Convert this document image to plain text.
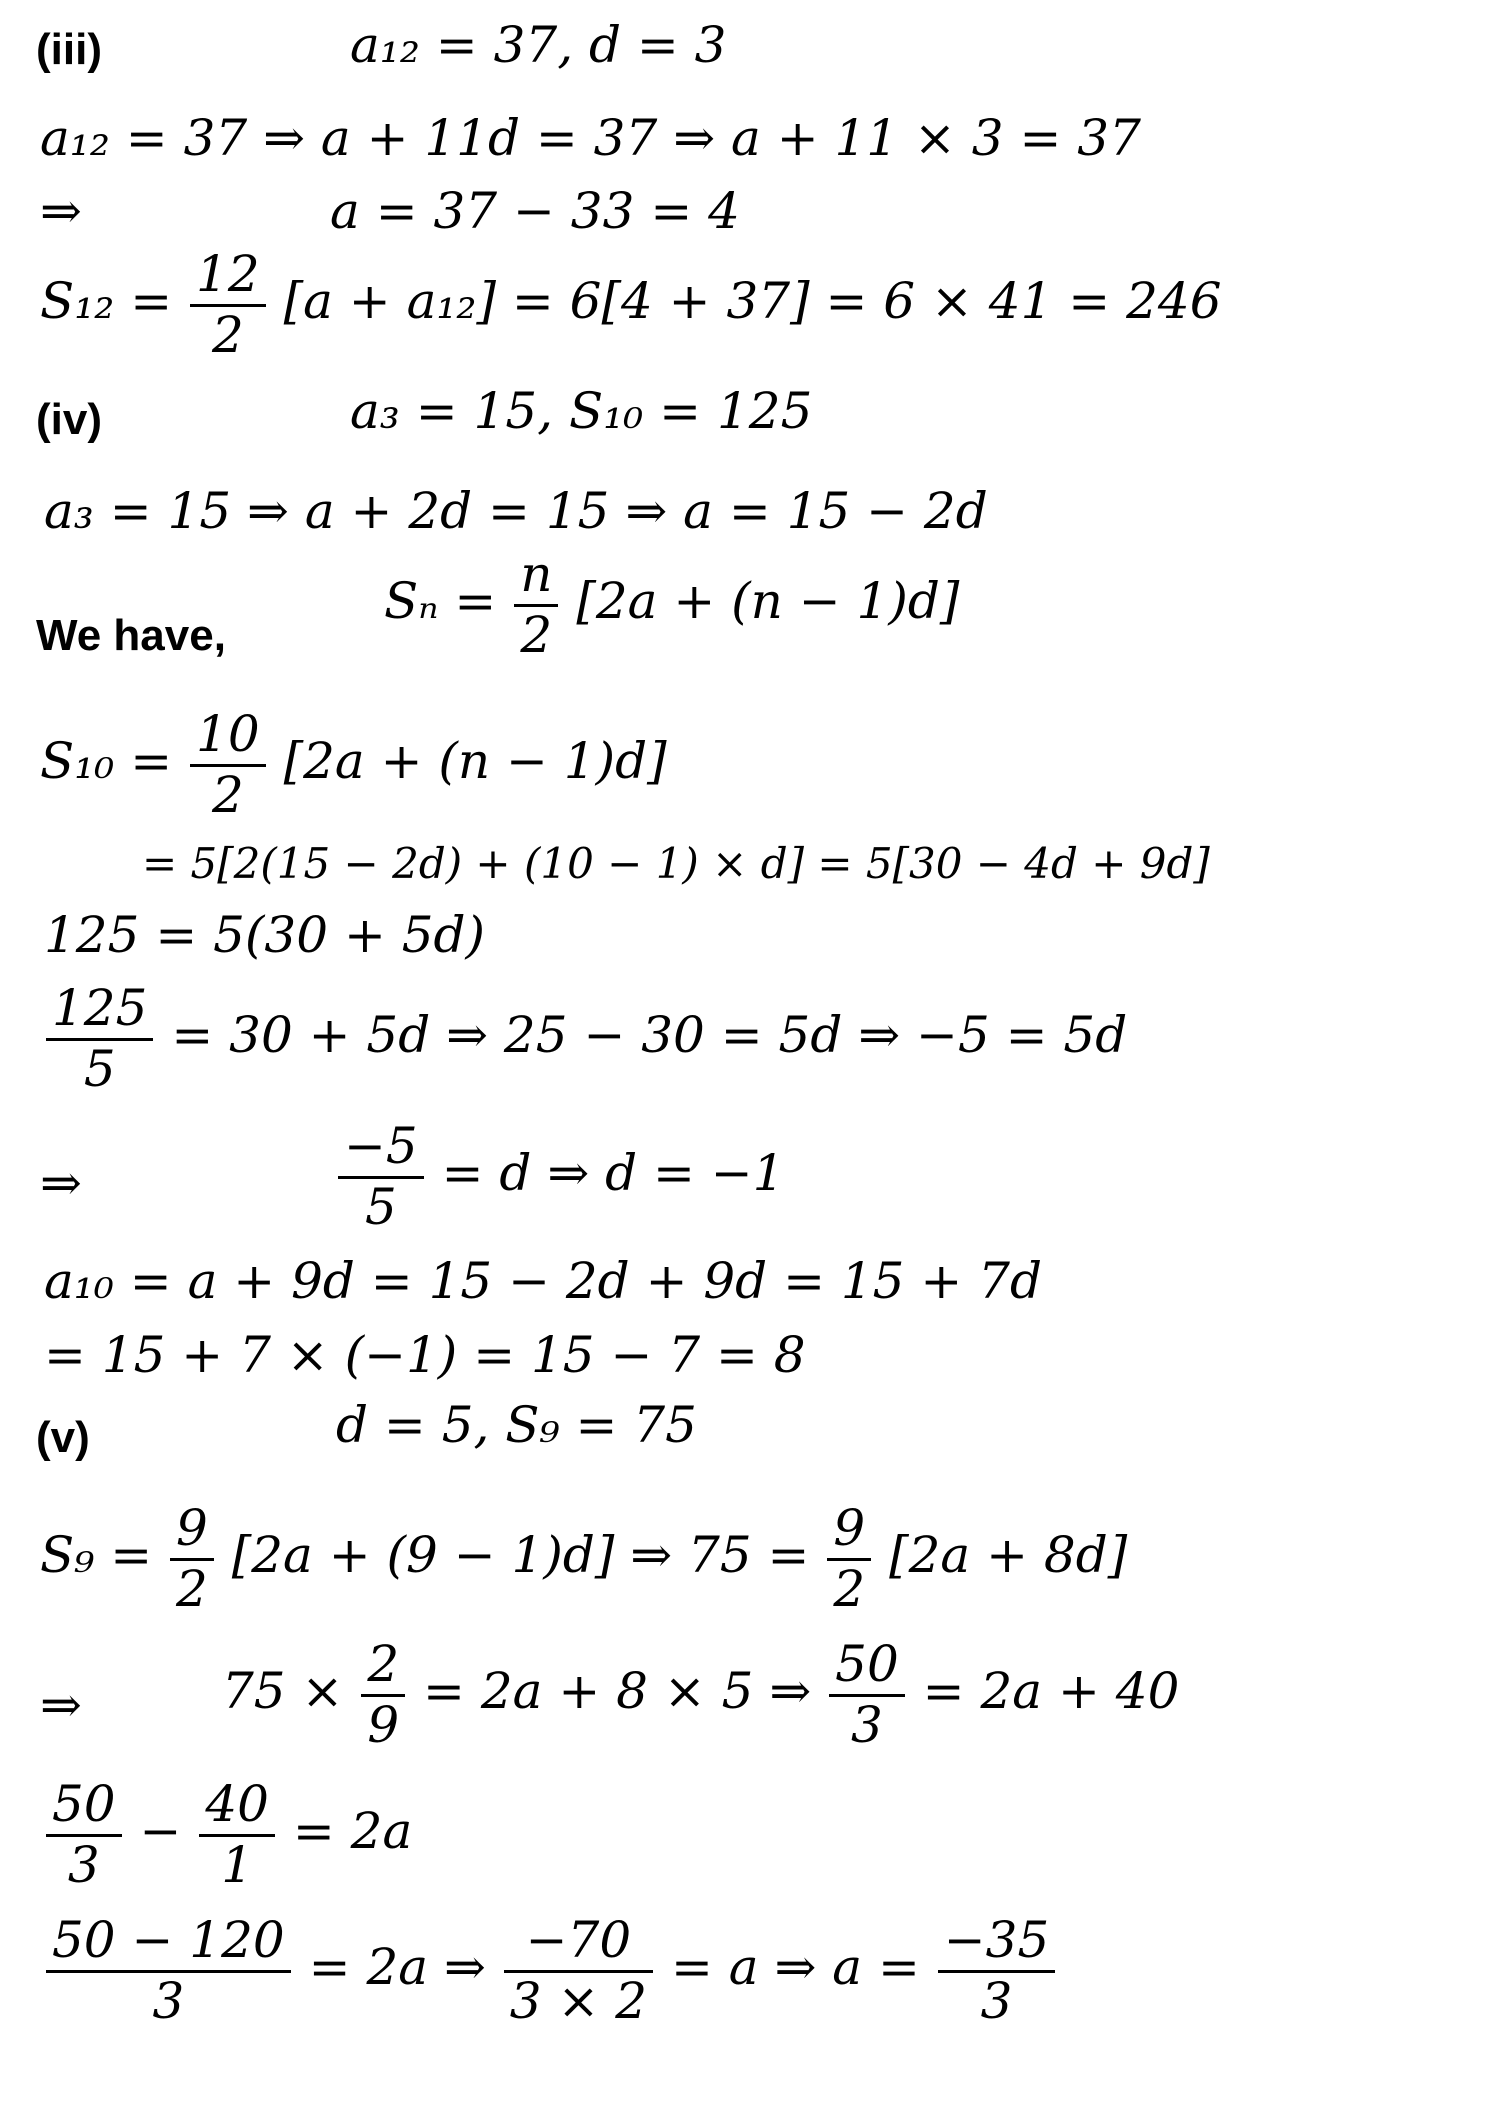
(iii)	a₁₂ = 37, d = 3
a₁₂ = 37 ⇒ a + 11d = 37 ⇒ a + 11 × 3 = 37
⇒	a = 37 − 33 = 4
$S_{12} = \frac{12}{2} [a + a_{12}] = 6[4 + 37] = 6 \times 41 = 246$
(iv)	a₃ = 15, S₁₀ = 125
a₃ = 15 ⇒ a + 2d = 15 ⇒ a = 15 − 2d
$S_n = \frac{n}{2} [2a + (n - 1)d]$
We have,
$S_{10} = \frac{10}{2} [2a + (n - 1)d]$
= 5[2(15 − 2d) + (10 − 1) × d] = 5[30 − 4d + 9d]
125 = 5(30 + 5d)
$\frac{125}{5} = 30 + 5d$ ⇒ 25 − 30 = 5d ⇒ −5 = 5d
⇒	$\frac{-5}{5} = d$ ⇒ d = −1
a₁₀ = a + 9d = 15 − 2d + 9d = 15 + 7d
= 15 + 7 × (−1) = 15 − 7 = 8
(v)	d = 5, S₉ = 75
$S_9 = \frac{9}{2} [2a + (9 - 1)d]$ ⇒ $75 = \frac{9}{2} [2a + 8d]$
⇒	$75 \times \frac{2}{9} = 2a + 8 \times 5$ ⇒ $\frac{50}{3} = 2a + 40$
$\frac{50}{3} - \frac{40}{1} = 2a$
$\frac{50 - 120}{3} = 2a$ ⇒ $\frac{-70}{3 \times 2} = a$ ⇒ $a = \frac{-35}{3}$
